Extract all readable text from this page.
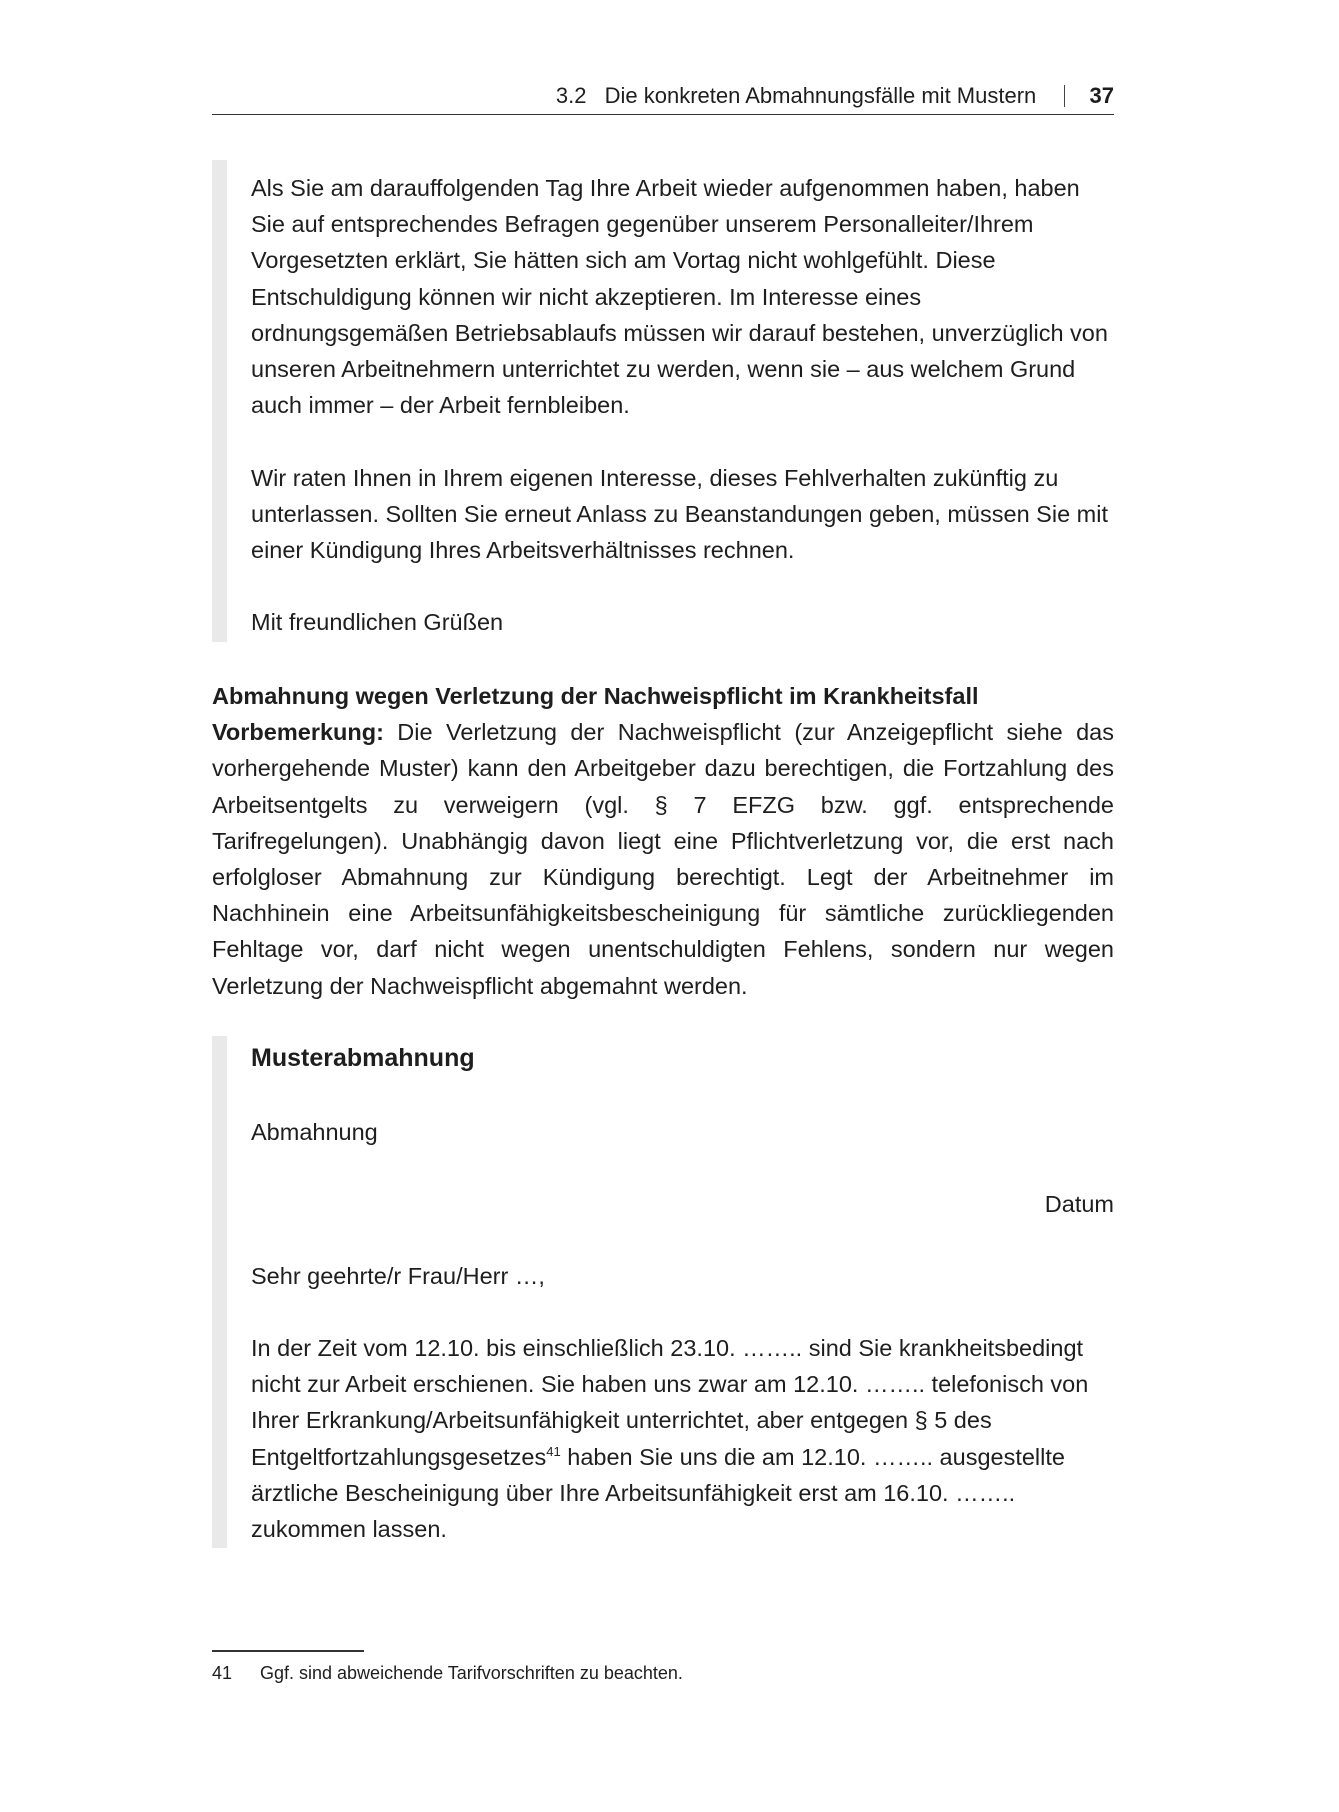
3.2 Die konkreten Abmahnungsfälle mit Mustern 37

Als Sie am darauffolgenden Tag Ihre Arbeit wieder aufgenommen haben, haben Sie auf entsprechendes Befragen gegenüber unserem Personalleiter/Ihrem Vorgesetzten erklärt, Sie hätten sich am Vortag nicht wohlgefühlt. Diese Entschuldigung können wir nicht akzeptieren. Im Interesse eines ordnungsgemäßen Betriebsablaufs müssen wir darauf bestehen, unverzüglich von unseren Arbeitnehmern unterrichtet zu werden, wenn sie – aus welchem Grund auch immer – der Arbeit fernbleiben.

Wir raten Ihnen in Ihrem eigenen Interesse, dieses Fehlverhalten zukünftig zu unterlassen. Sollten Sie erneut Anlass zu Beanstandungen geben, müssen Sie mit einer Kündigung Ihres Arbeitsverhältnisses rechnen.

Mit freundlichen Grüßen

Abmahnung wegen Verletzung der Nachweispflicht im Krankheitsfall

Vorbemerkung: Die Verletzung der Nachweispflicht (zur Anzeigepflicht siehe das vorhergehende Muster) kann den Arbeitgeber dazu berechtigen, die Fortzahlung des Arbeitsentgelts zu verweigern (vgl. § 7 EFZG bzw. ggf. entsprechende Tarifregelungen). Unabhängig davon liegt eine Pflichtverletzung vor, die erst nach erfolgloser Abmahnung zur Kündigung berechtigt. Legt der Arbeitnehmer im Nachhinein eine Arbeitsunfähigkeitsbescheinigung für sämtliche zurückliegenden Fehltage vor, darf nicht wegen unentschuldigten Fehlens, sondern nur wegen Verletzung der Nachweispflicht abgemahnt werden.

Musterabmahnung

Abmahnung

Datum

Sehr geehrte/r Frau/Herr …,

In der Zeit vom 12.10. bis einschließlich 23.10. …….. sind Sie krankheitsbedingt nicht zur Arbeit erschienen. Sie haben uns zwar am 12.10. …….. telefonisch von Ihrer Erkrankung/Arbeitsunfähigkeit unterrichtet, aber entgegen § 5 des Entgeltfortzahlungsgesetzes$^{41}$ haben Sie uns die am 12.10. …….. ausgestellte ärztliche Bescheinigung über Ihre Arbeitsunfähigkeit erst am 16.10. …….. zukommen lassen.

41 Ggf. sind abweichende Tarifvorschriften zu beachten.
